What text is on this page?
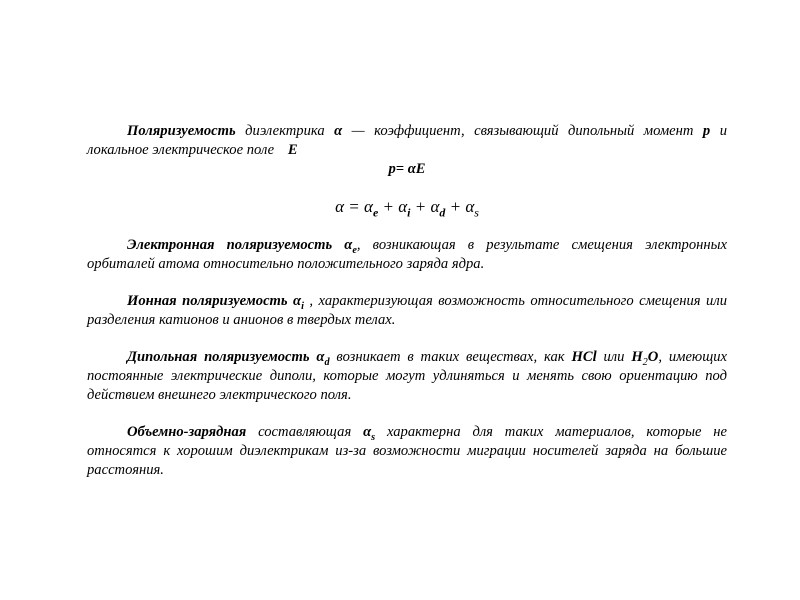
Поляризуемость диэлектрика α — коэффициент, связывающий дипольный момент p и локальное электрическое поле E

p= αE
$\alpha = \alpha_e + \alpha_i + \alpha_d + \alpha_s$

Электронная поляризуемость $\alpha_e$, возникающая в результате смещения электронных орбиталей атома относительно положительного заряда ядра.

Ионная поляризуемость $\alpha_i$ , характеризующая возможность относительного смещения или разделения катионов и анионов в твердых телах.

Дипольная поляризуемость $\alpha_d$ возникает в таких веществах, как HCl или $H_2O$, имеющих постоянные электрические диполи, которые могут удлиняться и менять свою ориентацию под действием внешнего электрического поля.

Объемно-зарядная составляющая $\alpha_s$ характерна для таких материалов, которые не относятся к хорошим диэлектрикам из-за возможности миграции носителей заряда на большие расстояния.
